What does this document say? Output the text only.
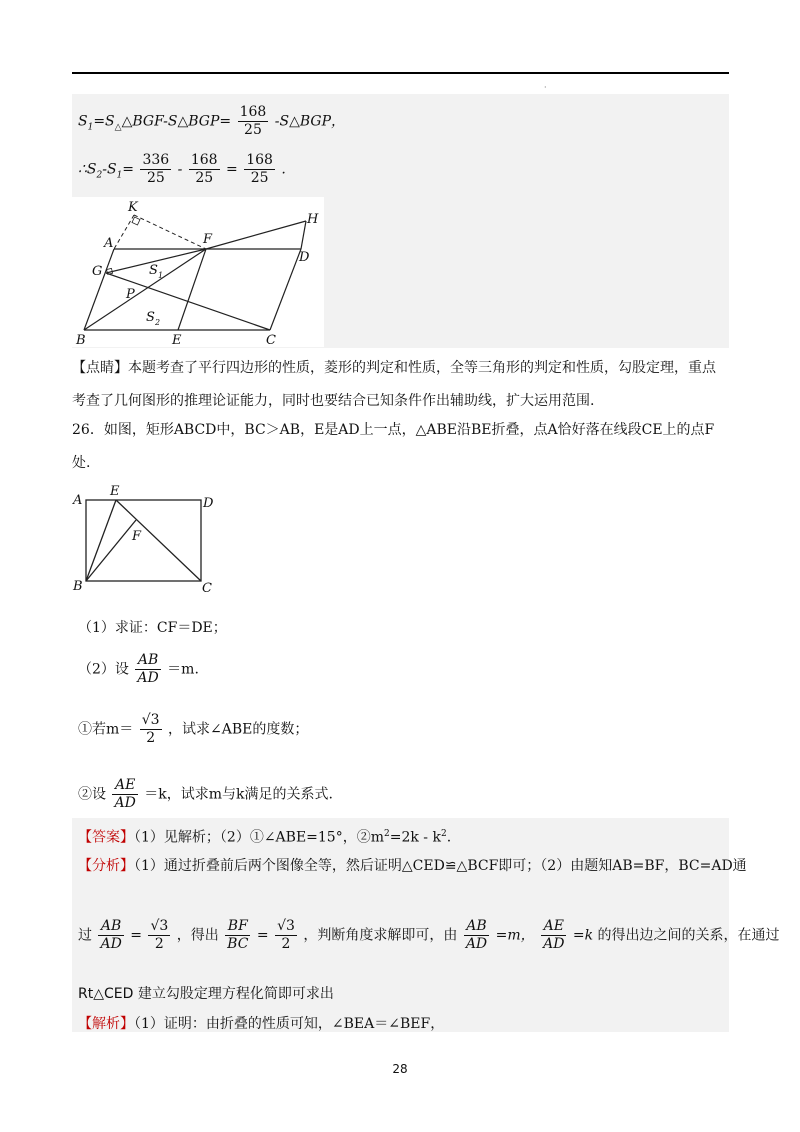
·
$S_1=S_\triangle\triangle BGF-S\triangle BGP= \frac{168}{25}$ -S△BGP，
$\therefore S_2-S_1= \frac{336}{25} - \frac{168}{25} = \frac{168}{25}$ .
K
A	F
H
D
G	S 1
P
S 2
B	E	C
【点睛】本题考查了平行四边形的性质，菱形的判定和性质，全等三角形的判定和性质，勾股定理，重点
考查了几何图形的推理论证能力，同时也要结合已知条件作出辅助线，扩大运用范围.
26．如图，矩形ABCD中，BC＞AB，E是AD上一点，△ABE沿BE折叠，点A恰好落在线段CE上的点F
处.
A
E
D
F
B	C
（1）求证：CF＝DE；
（2）设 $\frac{AB}{AD} =m$.
①若$m= \frac{√3}{2}$ ，试求∠ABE的度数；
②设 $\frac{AE}{AD} =k$，试求m与k满足的关系式.
【答案】（1）见解析；（2）①∠ABE=15°，$②m^2=2k - k^2$.
【分析】（1）通过折叠前后两个图像全等，然后证明△CED≌△BCF即可；（2）由题知AB=BF，BC=AD通
过 $\frac{AB}{AD} = \frac{√3}{2}$ ，得出 $\frac{BF}{BC} = \frac{√3}{2}$ ，判断角度求解即可，由 $\frac{AB}{AD} =m$， $\frac{AE}{AD} =k$ 的得出边之间的关系，在通过
Rt△CED 建立勾股定理方程化简即可求出
【解析】（1）证明：由折叠的性质可知，∠BEA＝∠BEF，
28
